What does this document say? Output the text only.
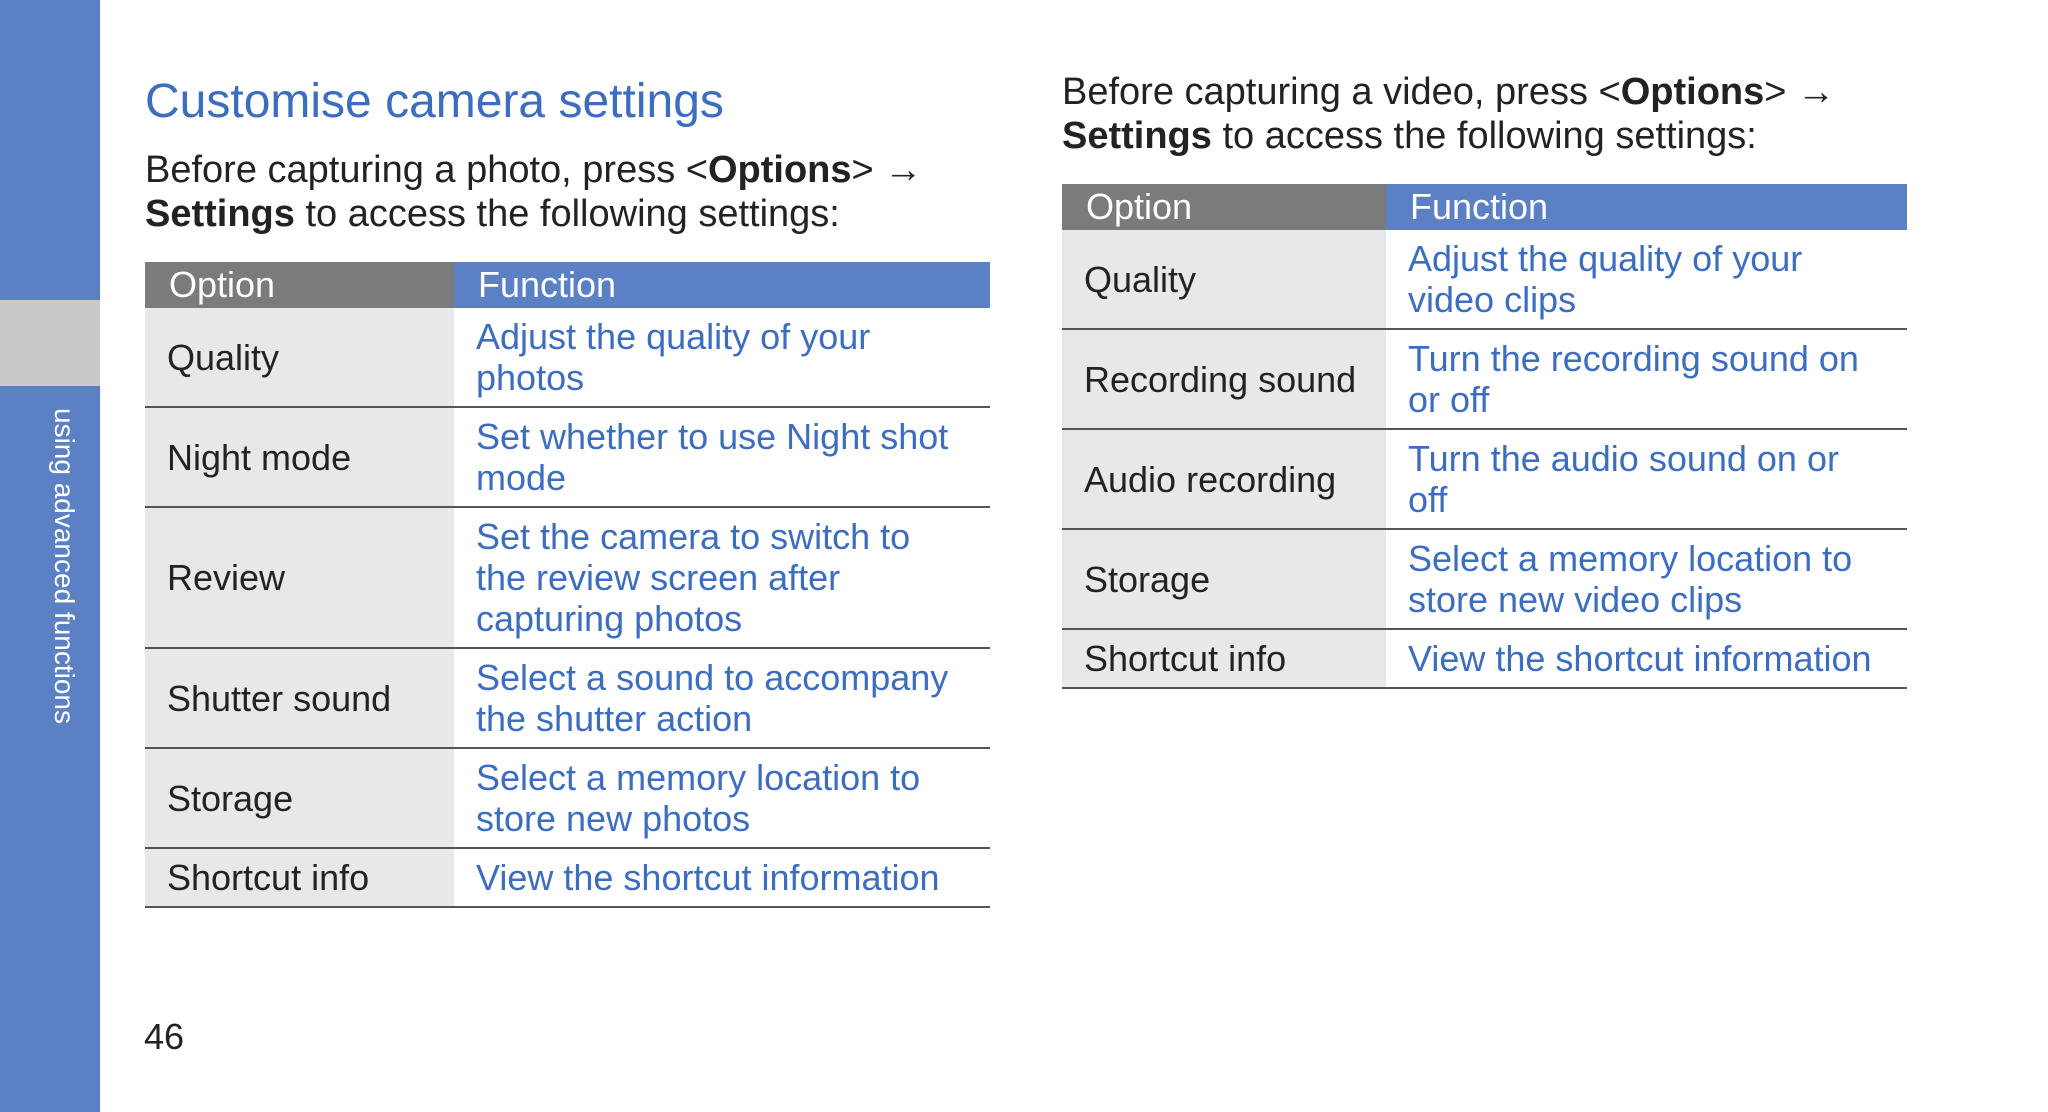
using advanced functions
Customise camera settings

Before capturing a photo, press <Options> →
Settings to access the following settings:

Option	Function
Quality	Adjust the quality of your photos
Night mode	Set whether to use Night shot mode
Review	Set the camera to switch to the review screen after capturing photos
Shutter sound	Select a sound to accompany the shutter action
Storage	Select a memory location to store new photos
Shortcut info	View the shortcut information

Before capturing a video, press <Options> →
Settings to access the following settings:

Option	Function
Quality	Adjust the quality of your video clips
Recording sound	Turn the recording sound on or off
Audio recording	Turn the audio sound on or off
Storage	Select a memory location to store new video clips
Shortcut info	View the shortcut information
46
